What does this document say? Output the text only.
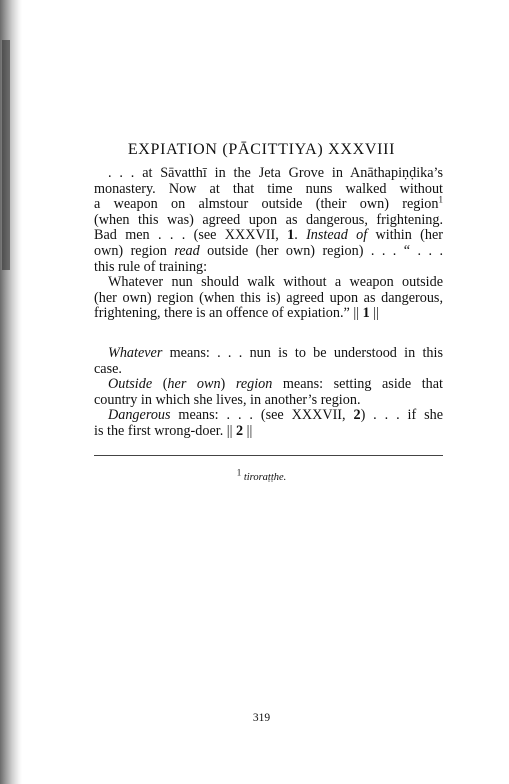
EXPIATION (PĀCITTIYA) XXXVIII
. . . at Sāvatthī in the Jeta Grove in Anāthapiṇḍika’s
monastery. Now at that time nuns walked without
a weapon on almstour outside (their own) region$^1$
(when this was) agreed upon as dangerous, frightening.
Bad men . . . (see XXXVII, 1. Instead of within (her
own) region read outside (her own) region) . . . “ . . .
this rule of training:
Whatever nun should walk without a weapon outside
(her own) region (when this is) agreed upon as dangerous,
frightening, there is an offence of expiation.” || 1 ||
Whatever means: . . . nun is to be understood in this
case.
Outside (her own) region means: setting aside that
country in which she lives, in another’s region.
Dangerous means: . . . (see XXXVII, 2) . . . if she
is the first wrong-doer. || 2 ||
$^1$ tiroraṭṭhe.
319
